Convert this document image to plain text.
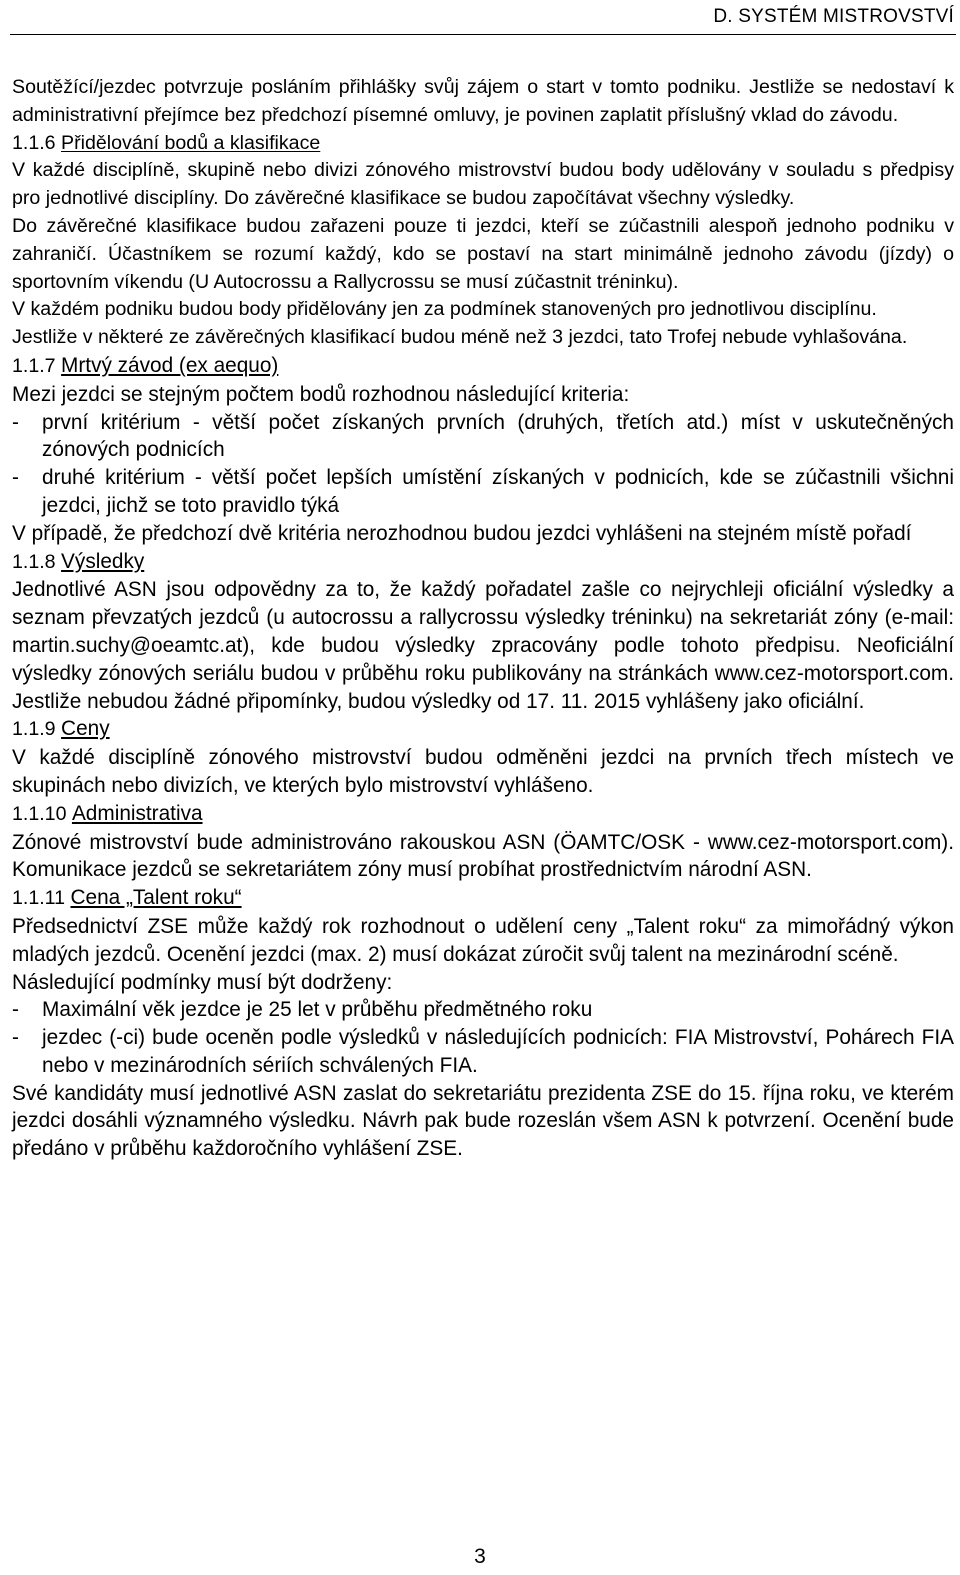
D. SYSTÉM MISTROVSTVÍ

Soutěžící/jezdec potvrzuje posláním přihlášky svůj zájem o start v tomto podniku. Jestliže se nedostaví k administrativní přejímce bez předchozí písemné omluvy, je povinen zaplatit příslušný vklad do závodu.

1.1.6 Přidělování bodů a klasifikace

V každé disciplíně, skupině nebo divizi zónového mistrovství budou body udělovány v souladu s předpisy pro jednotlivé disciplíny. Do závěrečné klasifikace se budou započítávat všechny výsledky.

Do závěrečné klasifikace budou zařazeni pouze ti jezdci, kteří se zúčastnili alespoň jednoho podniku v zahraničí. Účastníkem se rozumí každý, kdo se postaví na start minimálně jednoho závodu (jízdy) o sportovním víkendu (U Autocrossu a Rallycrossu se musí zúčastnit tréninku).

V každém podniku budou body přidělovány jen za podmínek stanovených pro jednotlivou disciplínu.

Jestliže v některé ze závěrečných klasifikací budou méně než 3 jezdci, tato Trofej nebude vyhlašována.

1.1.7 Mrtvý závod (ex aequo)

Mezi jezdci se stejným počtem bodů rozhodnou následující kriteria:

- první kritérium - větší počet získaných prvních (druhých, třetích atd.) míst v uskutečněných zónových podnicích
- druhé kritérium - větší počet lepších umístění získaných v podnicích, kde se zúčastnili všichni jezdci, jichž se toto pravidlo týká

V případě, že předchozí dvě kritéria nerozhodnou budou jezdci vyhlášeni na stejném místě pořadí

1.1.8 Výsledky

Jednotlivé ASN jsou odpovědny za to, že každý pořadatel zašle co nejrychleji oficiální výsledky a seznam převzatých jezdců (u autocrossu a rallycrossu výsledky tréninku) na sekretariát zóny (e-mail: martin.suchy@oeamtc.at), kde budou výsledky zpracovány podle tohoto předpisu. Neoficiální výsledky zónových seriálu budou v průběhu roku publikovány na stránkách www.cez-motorsport.com. Jestliže nebudou žádné připomínky, budou výsledky od 17. 11. 2015 vyhlášeny jako oficiální.

1.1.9 Ceny

V každé disciplíně zónového mistrovství budou odměněni jezdci na prvních třech místech ve skupinách nebo divizích, ve kterých bylo mistrovství vyhlášeno.

1.1.10 Administrativa

Zónové mistrovství bude administrováno rakouskou ASN (ÖAMTC/OSK - www.cez-motorsport.com). Komunikace jezdců se sekretariátem zóny musí probíhat prostřednictvím národní ASN.

1.1.11 Cena „Talent roku“

Předsednictví ZSE může každý rok rozhodnout o udělení ceny „Talent roku“ za mimořádný výkon mladých jezdců. Ocenění jezdci (max. 2) musí dokázat zúročit svůj talent na mezinárodní scéně.

Následující podmínky musí být dodrženy:

- Maximální věk jezdce je 25 let v průběhu předmětného roku
- jezdec (-ci) bude oceněn podle výsledků v následujících podnicích: FIA Mistrovství, Pohárech FIA nebo v mezinárodních sériích schválených FIA.

Své kandidáty musí jednotlivé ASN zaslat do sekretariátu prezidenta ZSE do 15. října roku, ve kterém jezdci dosáhli významného výsledku. Návrh pak bude rozeslán všem ASN k potvrzení. Ocenění bude předáno v průběhu každoročního vyhlášení ZSE.

3
